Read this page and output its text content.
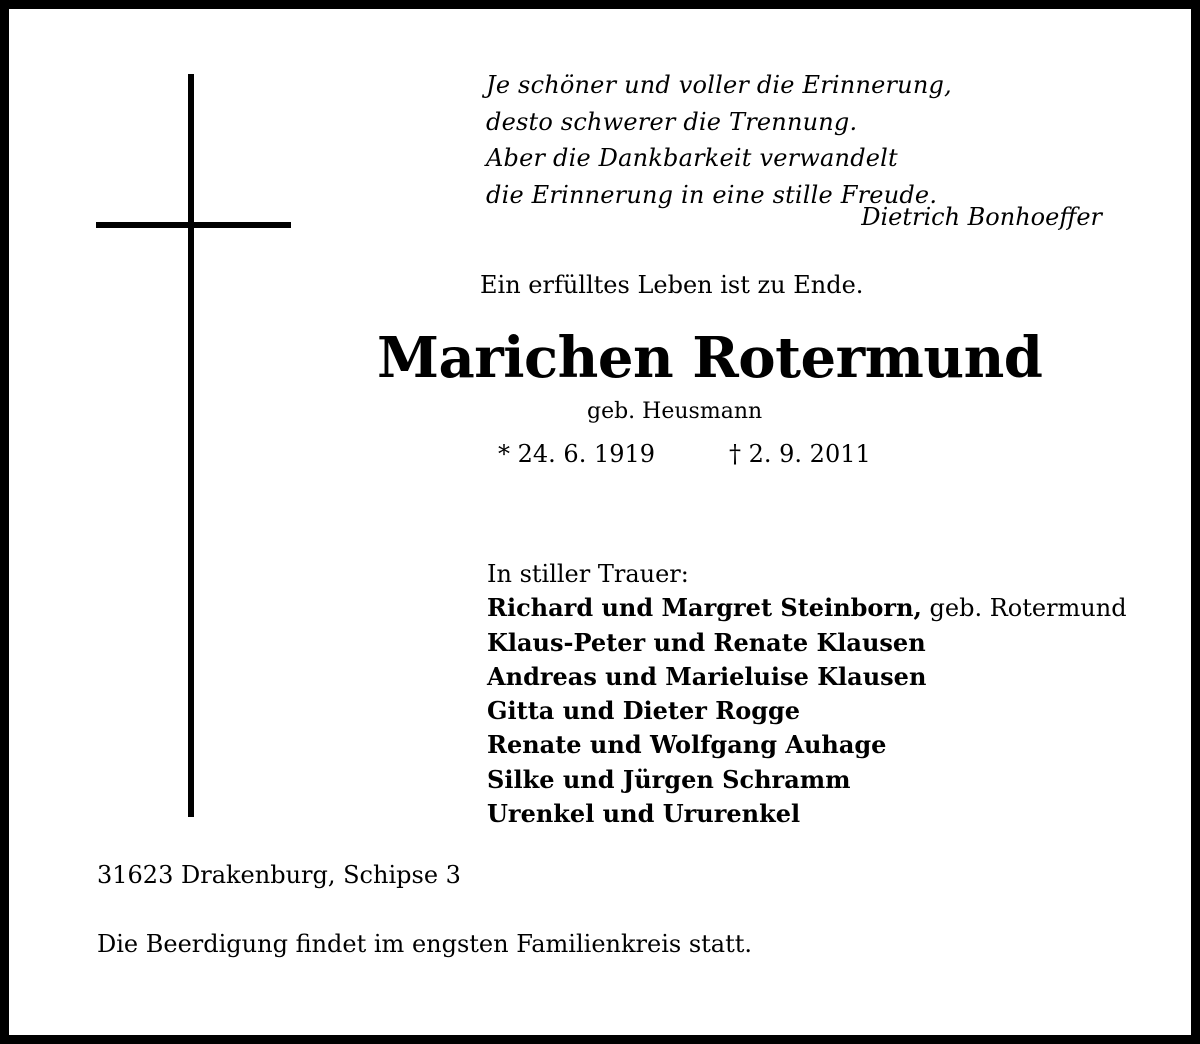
Je schöner und voller die Erinnerung,
desto schwerer die Trennung.
Aber die Dankbarkeit verwandelt
die Erinnerung in eine stille Freude.
Dietrich Bonhoeffer
Ein erfülltes Leben ist zu Ende.
Marichen Rotermund
geb. Heusmann
* 24. 6. 1919	† 2. 9. 2011
In stiller Trauer:
Richard und Margret Steinborn, geb. Rotermund
Klaus-Peter und Renate Klausen
Andreas und Marieluise Klausen
Gitta und Dieter Rogge
Renate und Wolfgang Auhage
Silke und Jürgen Schramm
Urenkel und Ururenkel
31623 Drakenburg, Schipse 3
Die Beerdigung findet im engsten Familienkreis statt.
